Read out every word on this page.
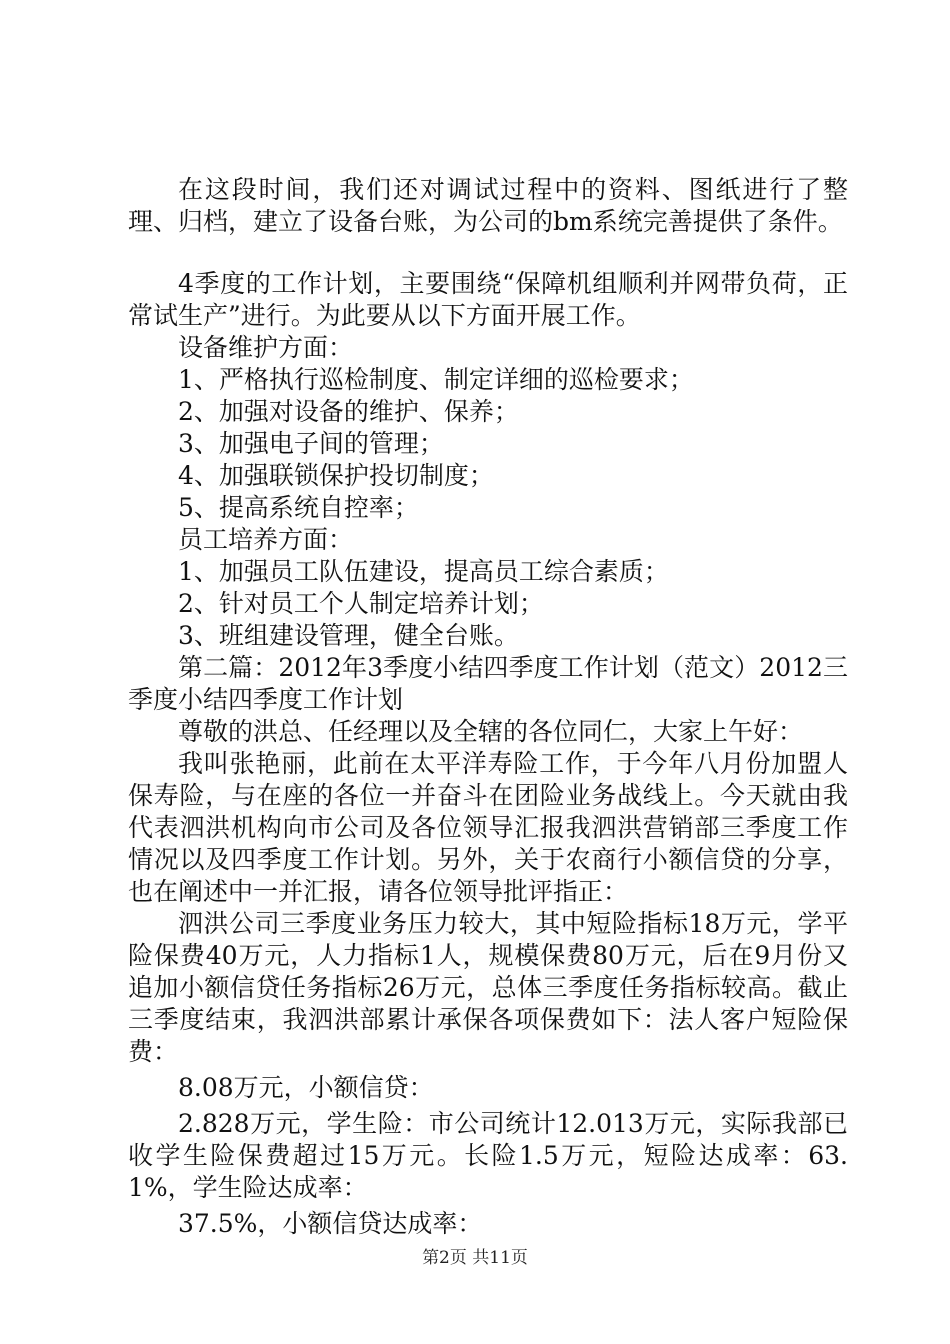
在这段时间，我们还对调试过程中的资料、图纸进行了整理、归档，建立了设备台账，为公司的bm系统完善提供了条件。

4季度的工作计划，主要围绕“保障机组顺利并网带负荷，正常试生产”进行。为此要从以下方面开展工作。

设备维护方面：

1、严格执行巡检制度、制定详细的巡检要求；

2、加强对设备的维护、保养；

3、加强电子间的管理；

4、加强联锁保护投切制度；

5、提高系统自控率；

员工培养方面：

1、加强员工队伍建设，提高员工综合素质；

2、针对员工个人制定培养计划；

3、班组建设管理，健全台账。

第二篇：2012年3季度小结四季度工作计划（范文）2012三季度小结四季度工作计划

尊敬的洪总、任经理以及全辖的各位同仁，大家上午好：

我叫张艳丽，此前在太平洋寿险工作，于今年八月份加盟人保寿险，与在座的各位一并奋斗在团险业务战线上。今天就由我代表泗洪机构向市公司及各位领导汇报我泗洪营销部三季度工作情况以及四季度工作计划。另外，关于农商行小额信贷的分享，也在阐述中一并汇报，请各位领导批评指正：

泗洪公司三季度业务压力较大，其中短险指标18万元，学平险保费40万元，人力指标1人，规模保费80万元，后在9月份又追加小额信贷任务指标26万元，总体三季度任务指标较高。截止三季度结束，我泗洪部累计承保各项保费如下：法人客户短险保费：

8.08万元，小额信贷：

2.828万元，学生险：市公司统计12.013万元，实际我部已收学生险保费超过15万元。长险1.5万元，短险达成率：63.1%，学生险达成率：

37.5%，小额信贷达成率：

第2页 共11页
